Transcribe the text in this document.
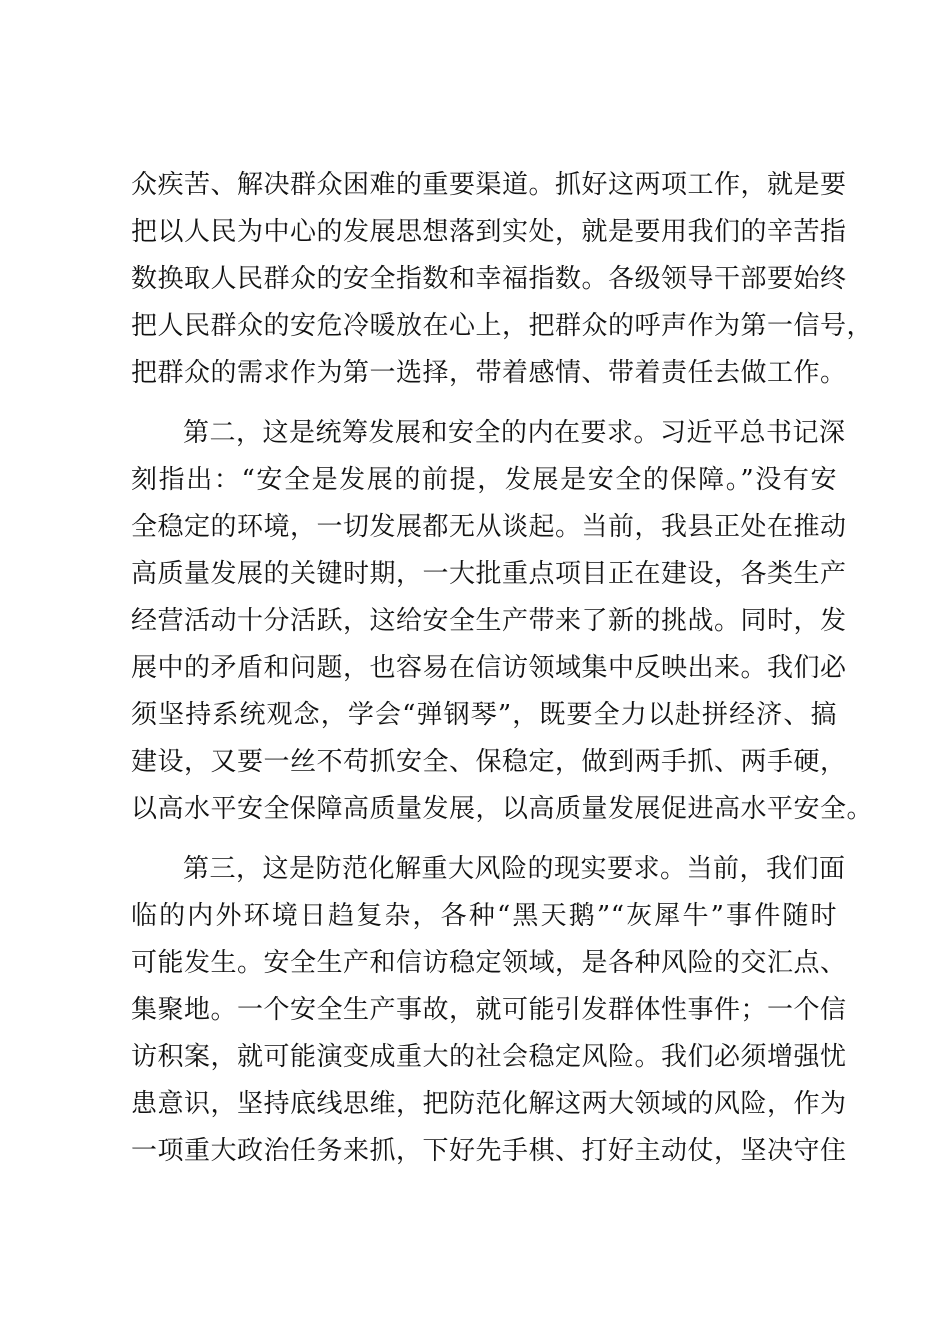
众疾苦、解决群众困难的重要渠道。抓好这两项工作，就是要
把以人民为中心的发展思想落到实处，就是要用我们的辛苦指
数换取人民群众的安全指数和幸福指数。各级领导干部要始终
把人民群众的安危冷暖放在心上，把群众的呼声作为第一信号，
把群众的需求作为第一选择，带着感情、带着责任去做工作。
第二，这是统筹发展和安全的内在要求。习近平总书记深
刻指出：“安全是发展的前提，发展是安全的保障。”没有安
全稳定的环境，一切发展都无从谈起。当前，我县正处在推动
高质量发展的关键时期，一大批重点项目正在建设，各类生产
经营活动十分活跃，这给安全生产带来了新的挑战。同时，发
展中的矛盾和问题，也容易在信访领域集中反映出来。我们必
须坚持系统观念，学会“弹钢琴”，既要全力以赴拼经济、搞
建设，又要一丝不苟抓安全、保稳定，做到两手抓、两手硬，
以高水平安全保障高质量发展，以高质量发展促进高水平安全。
第三，这是防范化解重大风险的现实要求。当前，我们面
临的内外环境日趋复杂，各种“黑天鹅”“灰犀牛”事件随时
可能发生。安全生产和信访稳定领域，是各种风险的交汇点、
集聚地。一个安全生产事故，就可能引发群体性事件；一个信
访积案，就可能演变成重大的社会稳定风险。我们必须增强忧
患意识，坚持底线思维，把防范化解这两大领域的风险，作为
一项重大政治任务来抓，下好先手棋、打好主动仗，坚决守住
